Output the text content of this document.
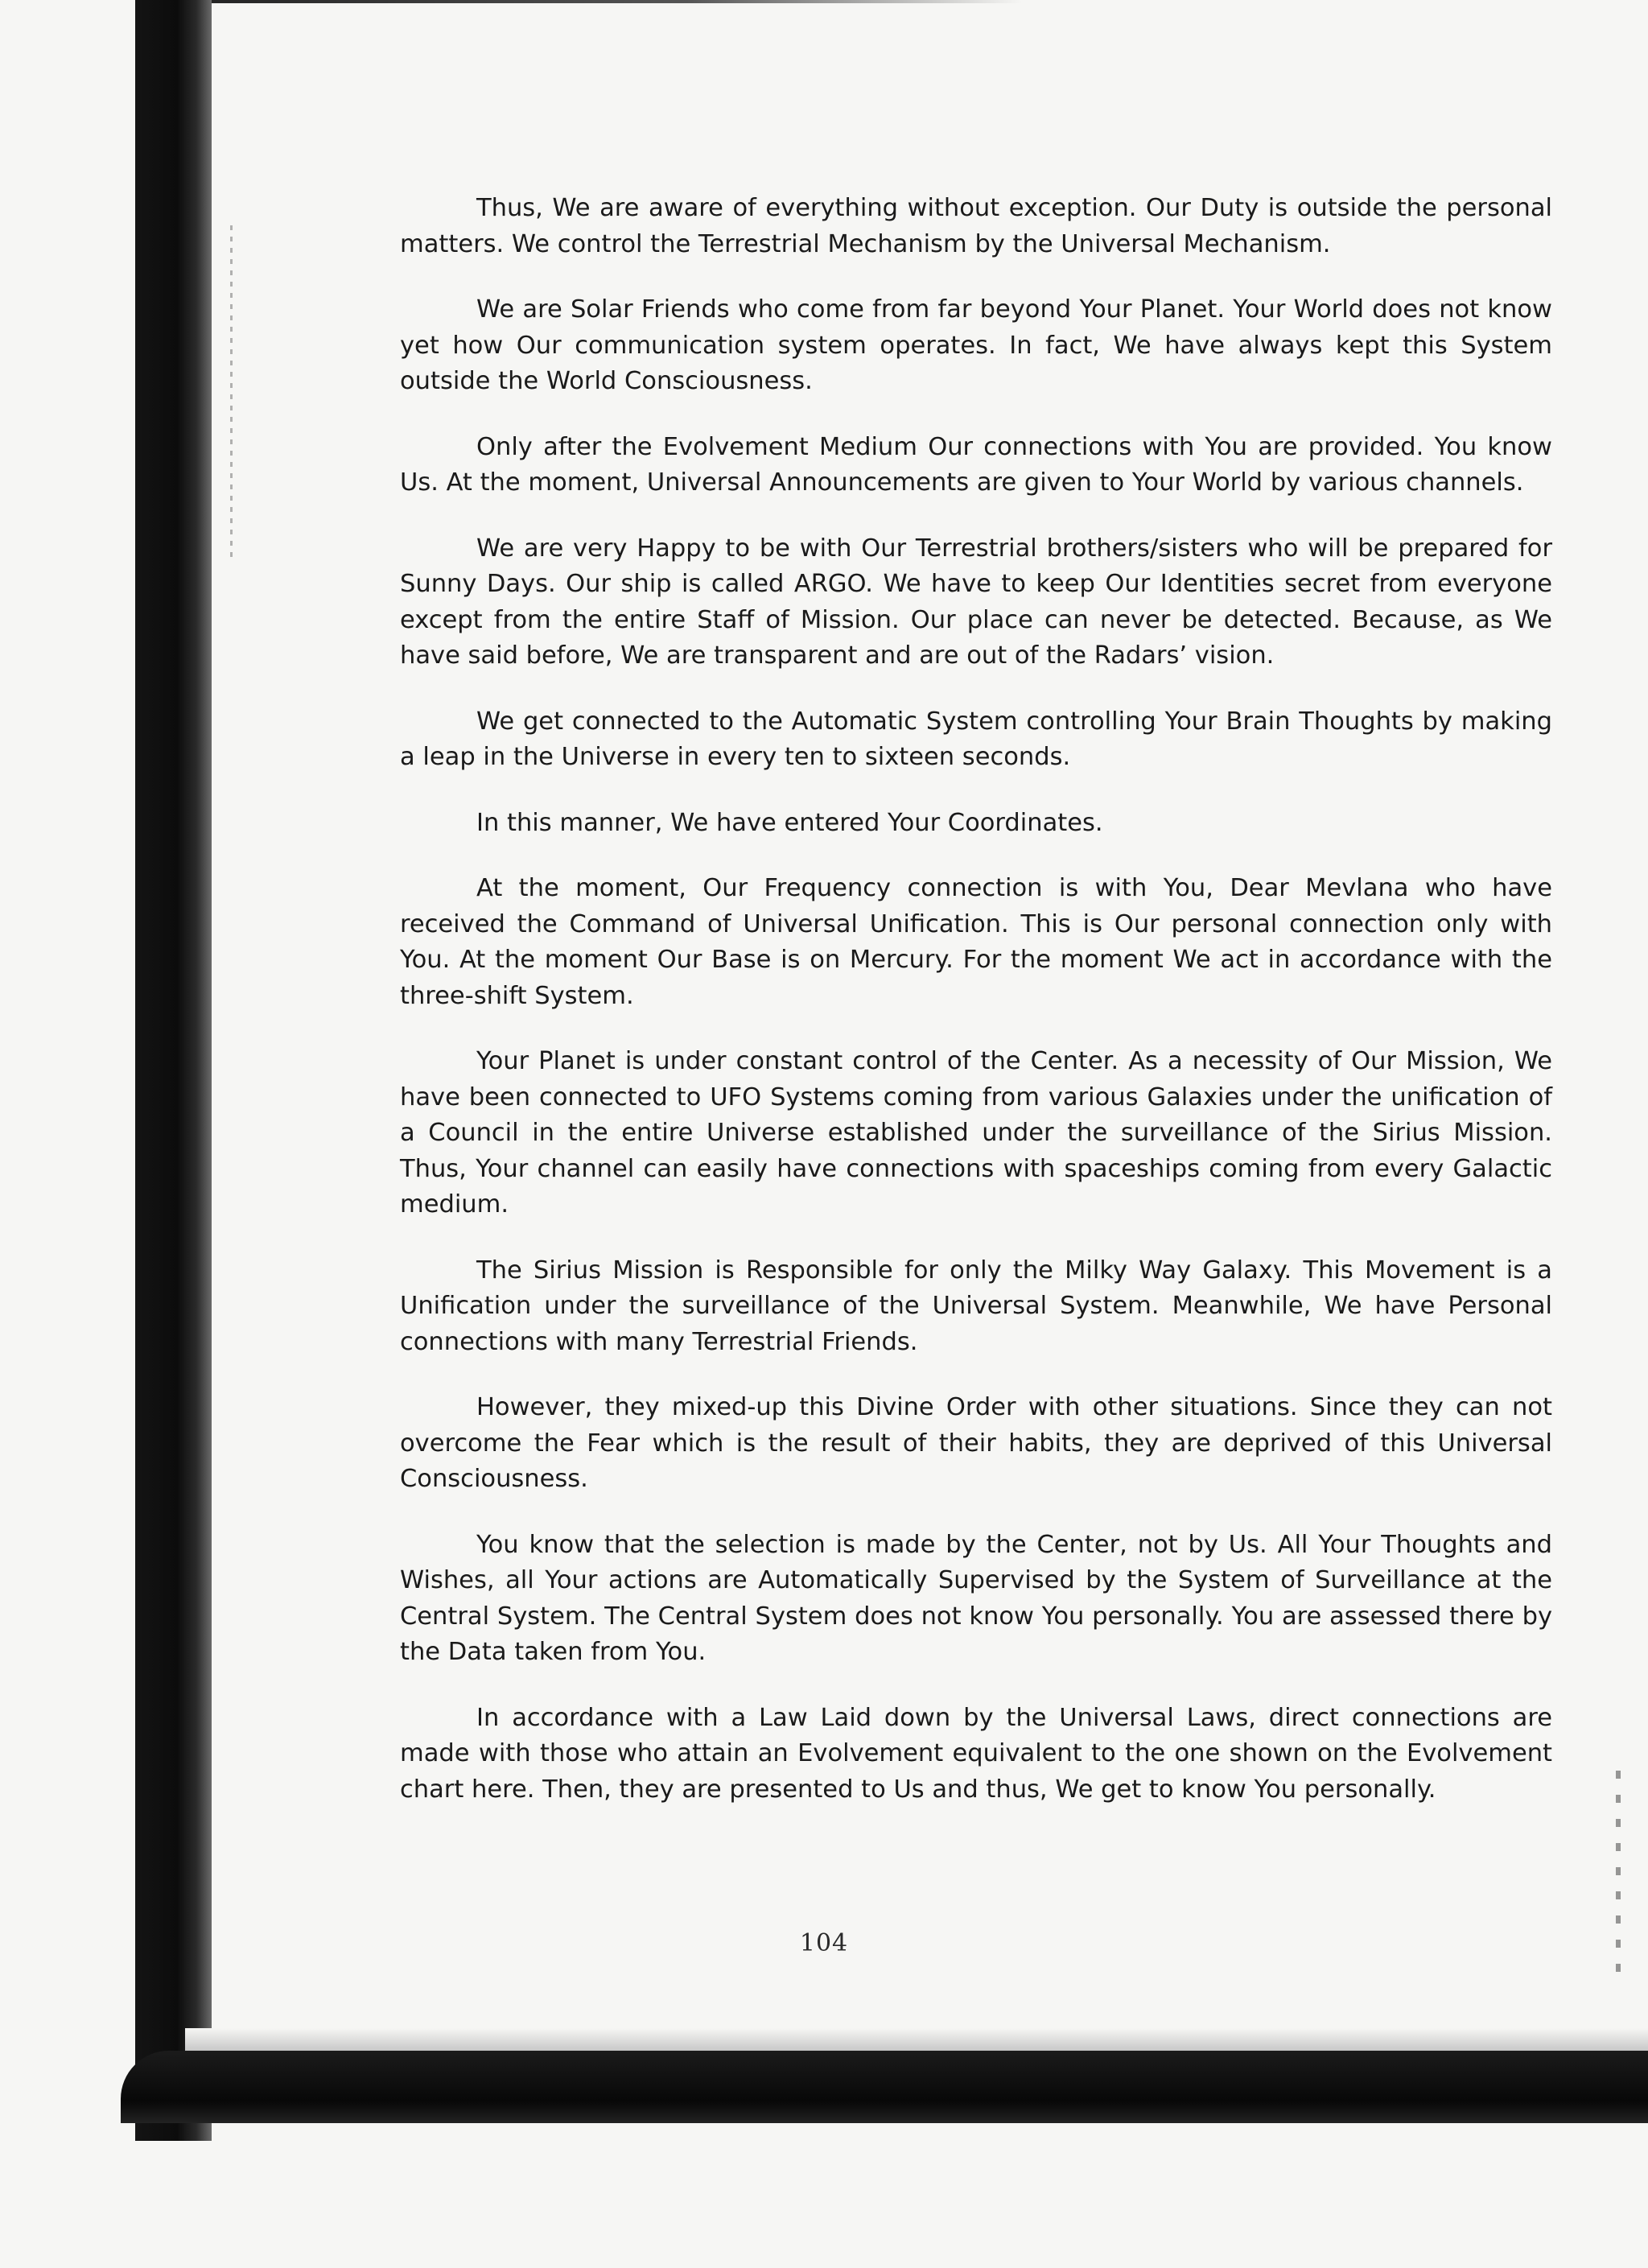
Thus, We are aware of everything without exception. Our Duty is outside the personal matters. We control the Terrestrial Mechanism by the Universal Mechanism.

We are Solar Friends who come from far beyond Your Planet. Your World does not know yet how Our communication system operates. In fact, We have always kept this System outside the World Consciousness.

Only after the Evolvement Medium Our connections with You are provided. You know Us. At the moment, Universal Announcements are given to Your World by various channels.

We are very Happy to be with Our Terrestrial brothers/sisters who will be prepared for Sunny Days. Our ship is called ARGO. We have to keep Our Identities secret from everyone except from the entire Staff of Mission. Our place can never be detected. Because, as We have said before, We are transparent and are out of the Radars’ vision.

We get connected to the Automatic System controlling Your Brain Thoughts by making a leap in the Universe in every ten to sixteen seconds.

In this manner, We have entered Your Coordinates.

At the moment, Our Frequency connection is with You, Dear Mevlana who have received the Command of Universal Unification. This is Our personal connection only with You. At the moment Our Base is on Mercury. For the moment We act in accordance with the three-shift System.

Your Planet is under constant control of the Center. As a necessity of Our Mission, We have been connected to UFO Systems coming from various Galaxies under the unification of a Council in the entire Universe established under the surveillance of the Sirius Mission. Thus, Your channel can easily have connections with spaceships coming from every Galactic medium.

The Sirius Mission is Responsible for only the Milky Way Galaxy. This Movement is a Unification under the surveillance of the Universal System. Meanwhile, We have Personal connections with many Terrestrial Friends.

However, they mixed-up this Divine Order with other situations. Since they can not overcome the Fear which is the result of their habits, they are deprived of this Universal Consciousness.

You know that the selection is made by the Center, not by Us. All Your Thoughts and Wishes, all Your actions are Automatically Supervised by the System of Surveillance at the Central System. The Central System does not know You personally. You are assessed there by the Data taken from You.

In accordance with a Law Laid down by the Universal Laws, direct connections are made with those who attain an Evolvement equivalent to the one shown on the Evolvement chart here. Then, they are presented to Us and thus, We get to know You personally.

104
